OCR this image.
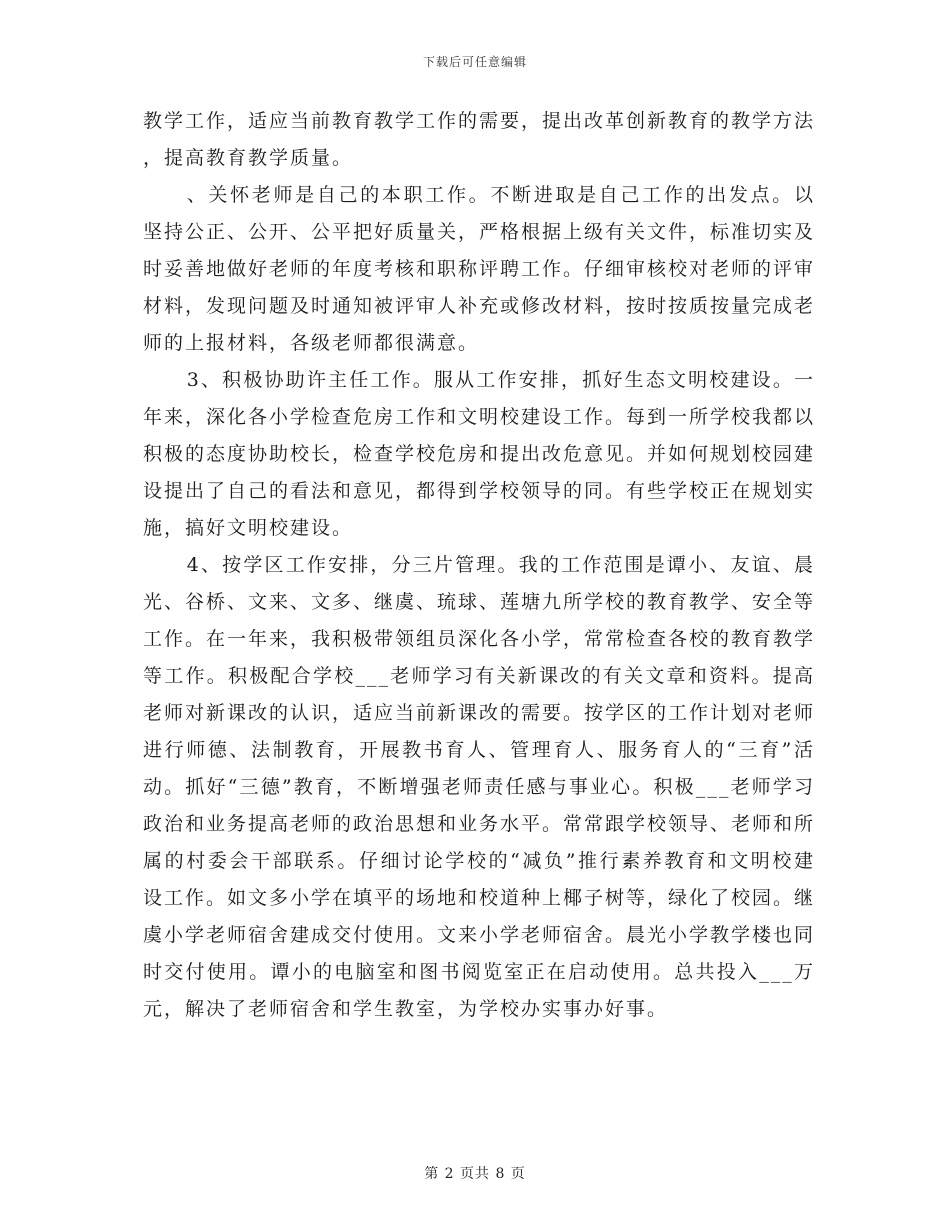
下载后可任意编辑

教学工作，适应当前教育教学工作的需要，提出改革创新教育的教学方法，提高教育教学质量。

、关怀老师是自己的本职工作。不断进取是自己工作的出发点。以坚持公正、公开、公平把好质量关，严格根据上级有关文件，标准切实及时妥善地做好老师的年度考核和职称评聘工作。仔细审核校对老师的评审材料，发现问题及时通知被评审人补充或修改材料，按时按质按量完成老师的上报材料，各级老师都很满意。

3、积极协助许主任工作。服从工作安排，抓好生态文明校建设。一年来，深化各小学检查危房工作和文明校建设工作。每到一所学校我都以积极的态度协助校长，检查学校危房和提出改危意见。并如何规划校园建设提出了自己的看法和意见，都得到学校领导的同。有些学校正在规划实施，搞好文明校建设。

4、按学区工作安排，分三片管理。我的工作范围是谭小、友谊、晨光、谷桥、文来、文多、继虞、琉球、莲塘九所学校的教育教学、安全等工作。在一年来，我积极带领组员深化各小学，常常检查各校的教育教学等工作。积极配合学校___老师学习有关新课改的有关文章和资料。提高老师对新课改的认识，适应当前新课改的需要。按学区的工作计划对老师进行师德、法制教育，开展教书育人、管理育人、服务育人的“三育”活动。抓好“三德”教育，不断增强老师责任感与事业心。积极___老师学习政治和业务提高老师的政治思想和业务水平。常常跟学校领导、老师和所属的村委会干部联系。仔细讨论学校的“减负”推行素养教育和文明校建设工作。如文多小学在填平的场地和校道种上椰子树等，绿化了校园。继虞小学老师宿舍建成交付使用。文来小学老师宿舍。晨光小学教学楼也同时交付使用。谭小的电脑室和图书阅览室正在启动使用。总共投入___万元，解决了老师宿舍和学生教室，为学校办实事办好事。

第 2 页共 8 页
